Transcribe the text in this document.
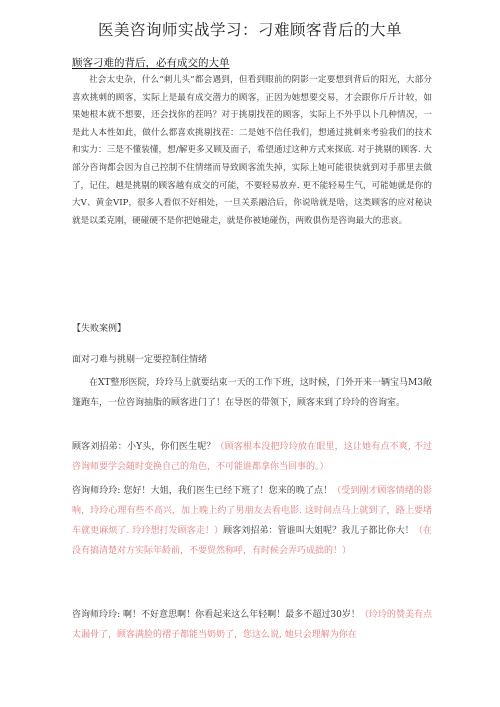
医美咨询师实战学习：刁难顾客背后的大单
顾客刁难的背后，必有成交的大单
社会太史杂，什么“刺儿头”都会遇到，但看到眼前的阴影一定要想到背后的阳光，大部分喜欢挑刺的顾客，实际上是最有成交潜力的顾客，正因为她想要交易，才会跟你斤斤计较，如果她根本就不想要，还会找你的茬吗？对于挑剔找茬的顾客，实际上不外乎以卜几种情况，一是此人本性如此，做什么都喜欢挑剔找茬：二是她不信任我们，想通过挑刺来考验我们的技术和实力：三是不懂装懂，想/解更多又顾及面子，希望通过这种方式来探底. 对于挑剔的顾客. 大部分咨询都会因为自己控制不住情绪而导致顾客流失掉，实际上她可能很快就到对手那里去做了，记住，越是挑剔的顾客越有成交的可能，不要轻易放弃. 更不能轻易生气，可能她就是你的大V、黄金VIP，很多人看似不好相处，一旦关系融洽后，你说啥就是啥，这类顾客的应对秘诀就是以柔克刚，硬碰硬不是你把她碰走，就是你被她碰伤，两败俱伤是咨询最大的悲哀。
【失败案例】
面对刁难与挑剔一定要控制住情绪
在XT整形医院，玲玲马上就要结束一天的工作下班，这时候，门外开来一辆宝马M3敞篷跑车，一位咨询抽脂的顾客进门了！在导医的带领下，顾客来到了玲玲的咨询室。
顾客刘招弟：小Y头，你们医生呢？（顾客根本没把玲玲放在眼里，这让她有点不爽, 不过咨询师要学会随时变换自己的角色，不可能谁都拿你当回事的。）
咨询师玲玲: 您好！大姐，我们医生已经下班了！您来的晚了点！（受到刚才顾客情绪的影响，玲玲心理有些不高兴，加上晚上约了男朋友去看电影. 这时间点马上就到了，路上要堵车就更麻烦了. 玲玲想打发顾客走！）顾客刘招弟：管谁叫大姐呢？我儿子都比你大！（在没有搞清楚对方实际年龄前，不要贸然称呼，有时候会弄巧成拙的！）
咨询师玲玲: 啊！不好意思啊！你看起来这么年轻啊！最多不超过30岁！（玲玲的赞美有点太漏骨了，顾客满脸的褶子都能当奶奶了，您这么说, 她只会理解为你在
